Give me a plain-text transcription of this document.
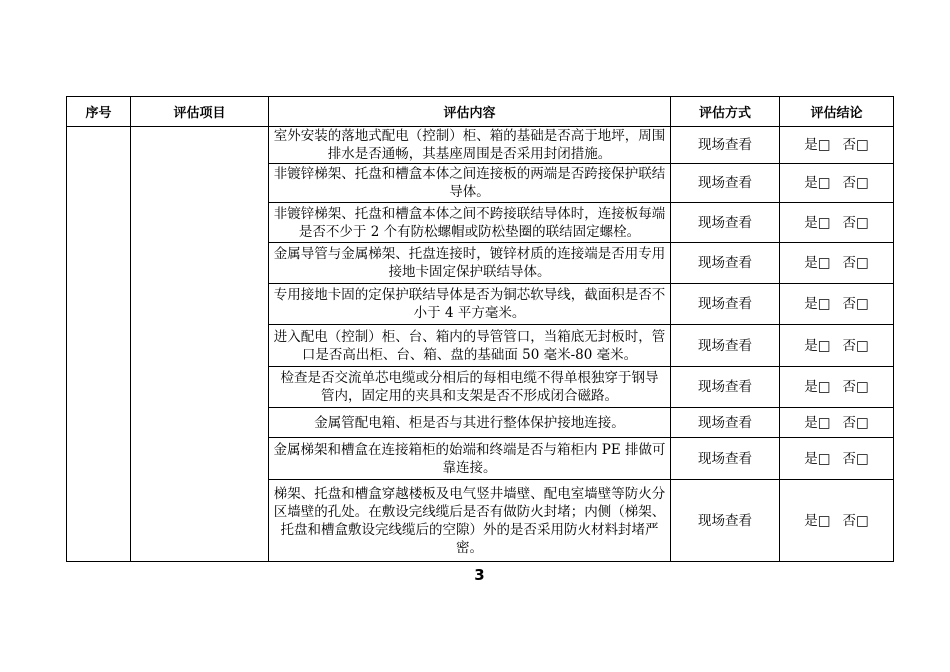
序号	评估项目	评估内容	评估方式	评估结论

		室外安装的落地式配电（控制）柜、箱的基础是否高于地坪，周围
排水是否通畅，其基座周围是否采用封闭措施。	现场查看	是□ 否□

		非镀锌梯架、托盘和槽盒本体之间连接板的两端是否跨接保护联结
导体。	现场查看	是□ 否□

		非镀锌梯架、托盘和槽盒本体之间不跨接联结导体时，连接板每端
是否不少于 2 个有防松螺帽或防松垫圈的联结固定螺栓。	现场查看	是□ 否□

		金属导管与金属梯架、托盘连接时，镀锌材质的连接端是否用专用
接地卡固定保护联结导体。	现场查看	是□ 否□

		专用接地卡固的定保护联结导体是否为铜芯软导线，截面积是否不
小于 4 平方毫米。	现场查看	是□ 否□

		进入配电（控制）柜、台、箱内的导管管口，当箱底无封板时，管
口是否高出柜、台、箱、盘的基础面 50 毫米-80 毫米。	现场查看	是□ 否□

		检查是否交流单芯电缆或分相后的每相电缆不得单根独穿于钢导
管内，固定用的夹具和支架是否不形成闭合磁路。	现场查看	是□ 否□

		金属管配电箱、柜是否与其进行整体保护接地连接。	现场查看	是□ 否□

		金属梯架和槽盒在连接箱柜的始端和终端是否与箱柜内 PE 排做可
靠连接。	现场查看	是□ 否□

		梯架、托盘和槽盒穿越楼板及电气竖井墙壁、配电室墙壁等防火分
区墙壁的孔处。在敷设完线缆后是否有做防火封堵；内侧（梯架、
托盘和槽盒敷设完线缆后的空隙）外的是否采用防火材料封堵严
密。	现场查看	是□ 否□
3
